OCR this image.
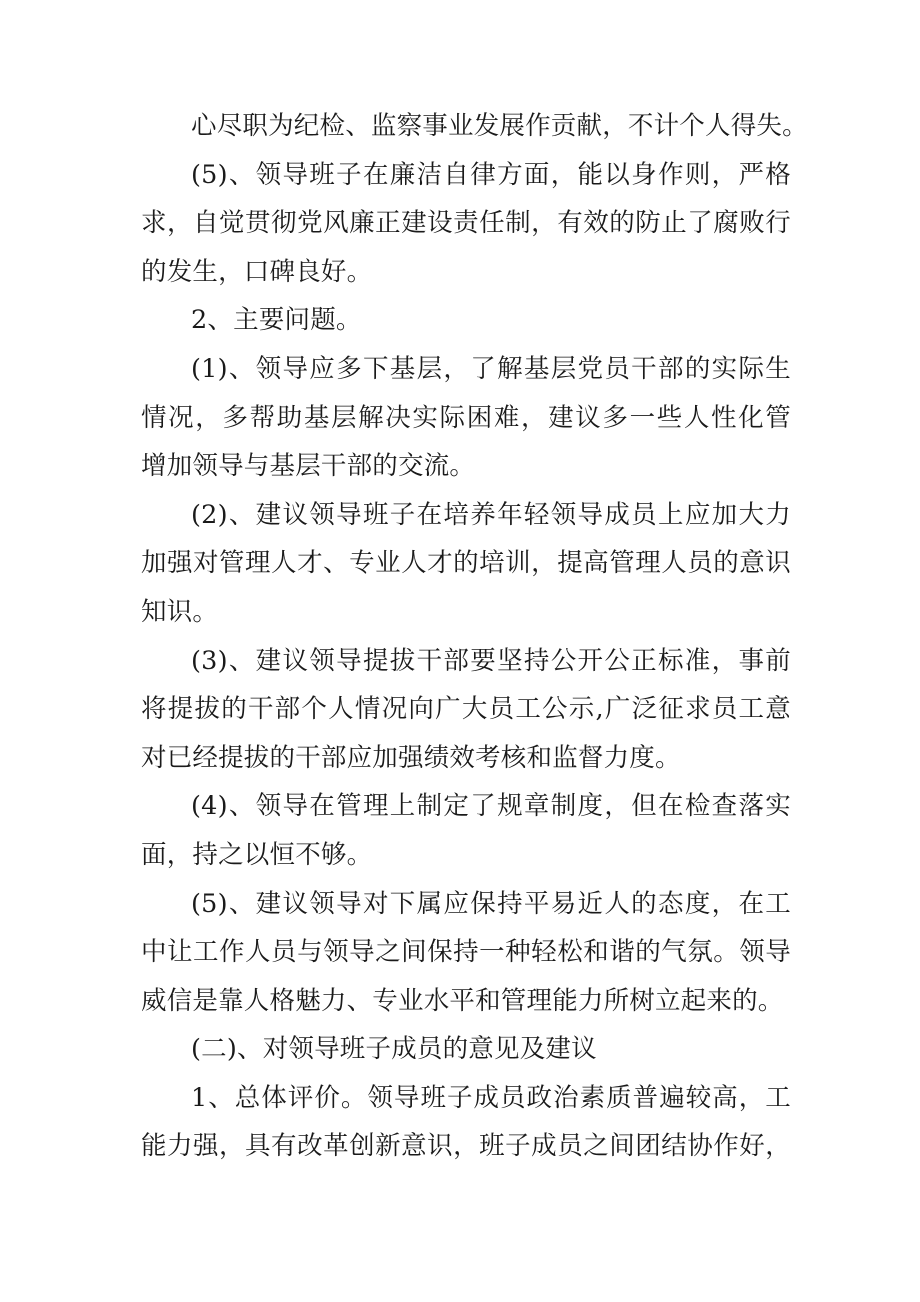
心尽职为纪检、监察事业发展作贡献，不计个人得失。
(5)、领导班子在廉洁自律方面，能以身作则，严格
求，自觉贯彻党风廉正建设责任制，有效的防止了腐败行
的发生，口碑良好。
2、主要问题。
(1)、领导应多下基层，了解基层党员干部的实际生
情况，多帮助基层解决实际困难，建议多一些人性化管
增加领导与基层干部的交流。
(2)、建议领导班子在培养年轻领导成员上应加大力
加强对管理人才、专业人才的培训，提高管理人员的意识
知识。
(3)、建议领导提拔干部要坚持公开公正标准，事前
将提拔的干部个人情况向广大员工公示,广泛征求员工意
对已经提拔的干部应加强绩效考核和监督力度。
(4)、领导在管理上制定了规章制度，但在检查落实
面，持之以恒不够。
(5)、建议领导对下属应保持平易近人的态度，在工
中让工作人员与领导之间保持一种轻松和谐的气氛。领导
威信是靠人格魅力、专业水平和管理能力所树立起来的。
(二)、对领导班子成员的意见及建议
1、总体评价。领导班子成员政治素质普遍较高，工
能力强，具有改革创新意识，班子成员之间团结协作好，
